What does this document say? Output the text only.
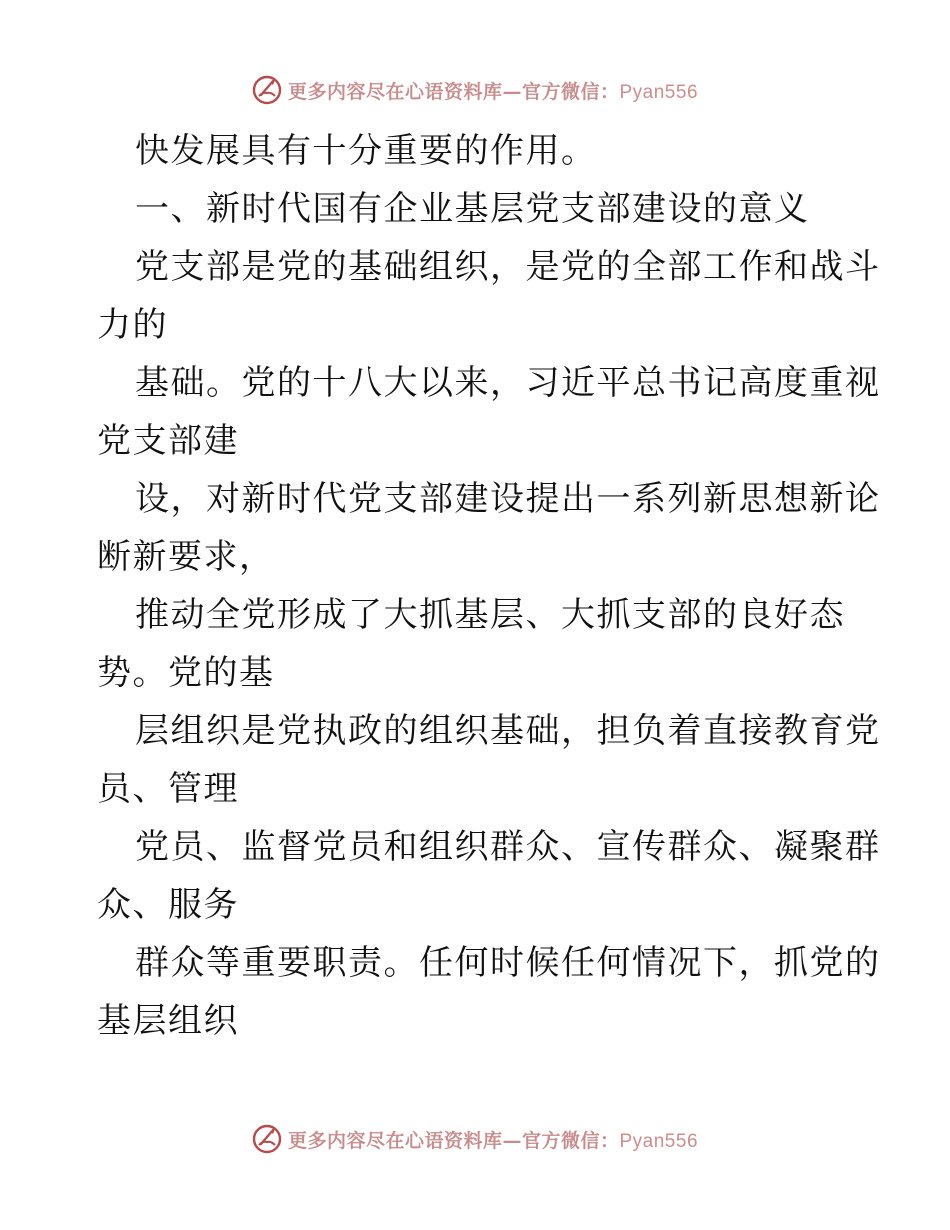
更多内容尽在心语资料库—官方微信：Pyan556
快发展具有十分重要的作用。
一、新时代国有企业基层党支部建设的意义
党支部是党的基础组织，是党的全部工作和战斗
力的
基础。党的十八大以来，习近平总书记高度重视
党支部建
设，对新时代党支部建设提出一系列新思想新论
断新要求，
推动全党形成了大抓基层、大抓支部的良好态
势。党的基
层组织是党执政的组织基础，担负着直接教育党
员、管理
党员、监督党员和组织群众、宣传群众、凝聚群
众、服务
群众等重要职责。任何时候任何情况下，抓党的
基层组织
更多内容尽在心语资料库—官方微信：Pyan556
